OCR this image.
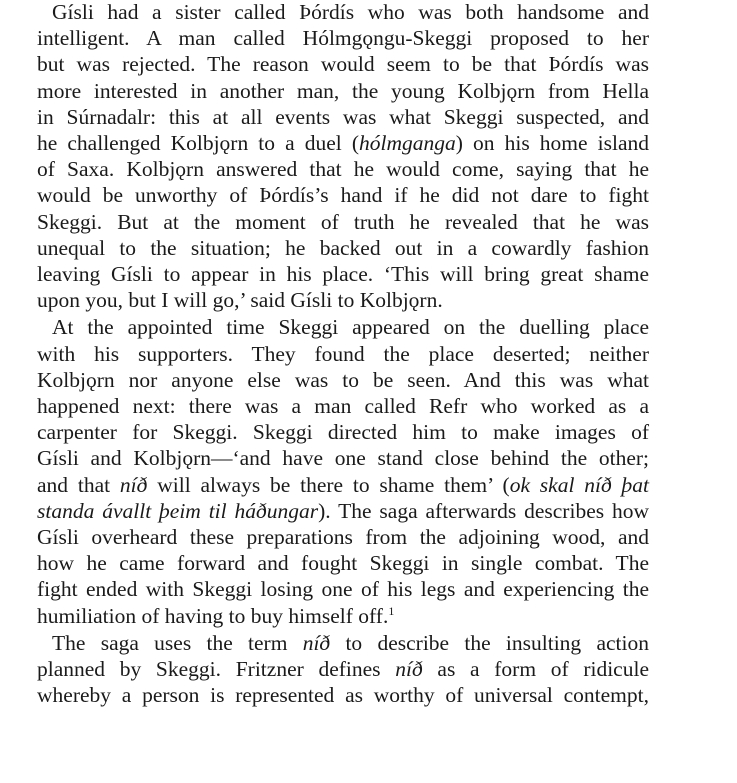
Gísli had a sister called Þórdís who was both handsome and
intelligent. A man called Hólmgǫngu-Skeggi proposed to her
but was rejected. The reason would seem to be that Þórdís was
more interested in another man, the young Kolbjǫrn from Hella
in Súrnadalr: this at all events was what Skeggi suspected, and
he challenged Kolbjǫrn to a duel (hólmganga) on his home island
of Saxa. Kolbjǫrn answered that he would come, saying that he
would be unworthy of Þórdís’s hand if he did not dare to fight
Skeggi. But at the moment of truth he revealed that he was
unequal to the situation; he backed out in a cowardly fashion
leaving Gísli to appear in his place. ‘This will bring great shame
upon you, but I will go,’ said Gísli to Kolbjǫrn.
At the appointed time Skeggi appeared on the duelling place
with his supporters. They found the place deserted; neither
Kolbjǫrn nor anyone else was to be seen. And this was what
happened next: there was a man called Refr who worked as a
carpenter for Skeggi. Skeggi directed him to make images of
Gísli and Kolbjǫrn—‘and have one stand close behind the other;
and that níð will always be there to shame them’ (ok skal níð þat
standa ávallt þeim til háðungar). The saga afterwards describes how
Gísli overheard these preparations from the adjoining wood, and
how he came forward and fought Skeggi in single combat. The
fight ended with Skeggi losing one of his legs and experiencing the
humiliation of having to buy himself off.$^1$
The saga uses the term níð to describe the insulting action
planned by Skeggi. Fritzner defines níð as a form of ridicule
whereby a person is represented as worthy of universal contempt,
